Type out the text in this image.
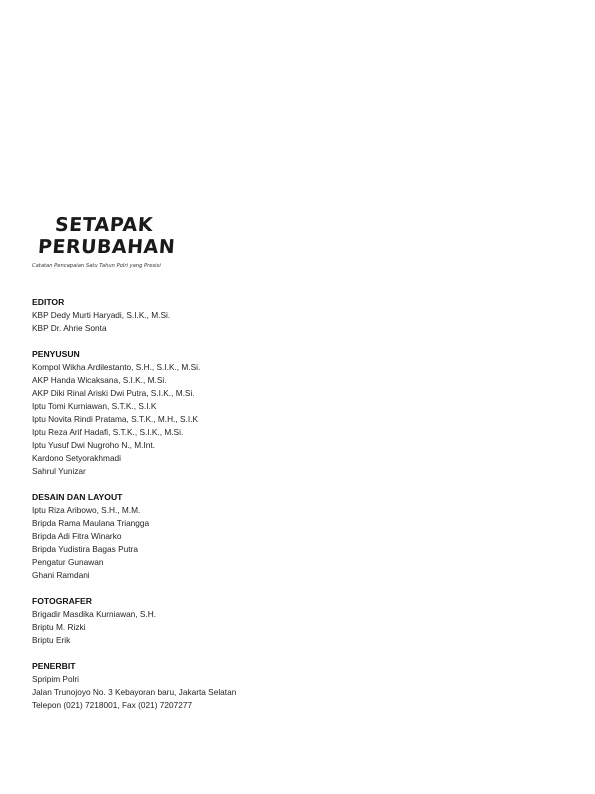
SETAPAK
PERUBAHAN
Catatan Pencapaian Satu Tahun Polri yang Presisi
EDITOR
KBP Dedy Murti Haryadi, S.I.K., M.Si.
KBP Dr. Ahrie Sonta
PENYUSUN
Kompol Wikha Ardilestanto, S.H., S.I.K., M.Si.
AKP Handa Wicaksana, S.I.K., M.Si.
AKP Diki Rinal Ariski Dwi Putra, S.I.K., M.Si.
Iptu Tomi Kurniawan, S.T.K., S.I.K
Iptu Novita Rindi Pratama, S.T.K., M.H., S.I.K
Iptu Reza Arif Hadafi, S.T.K., S.I.K., M.Si.
Iptu Yusuf Dwi Nugroho N., M.Int.
Kardono Setyorakhmadi
Sahrul Yunizar
DESAIN DAN LAYOUT
Iptu Riza Aribowo, S.H., M.M.
Bripda Rama Maulana Triangga
Bripda Adi Fitra Winarko
Bripda Yudistira Bagas Putra
Pengatur Gunawan
Ghani Ramdani
FOTOGRAFER
Brigadir Masdika Kurniawan, S.H.
Briptu M. Rizki
Briptu Erik
PENERBIT
Spripim Polri
Jalan Trunojoyo No. 3 Kebayoran baru, Jakarta Selatan
Telepon (021) 7218001, Fax (021) 7207277
